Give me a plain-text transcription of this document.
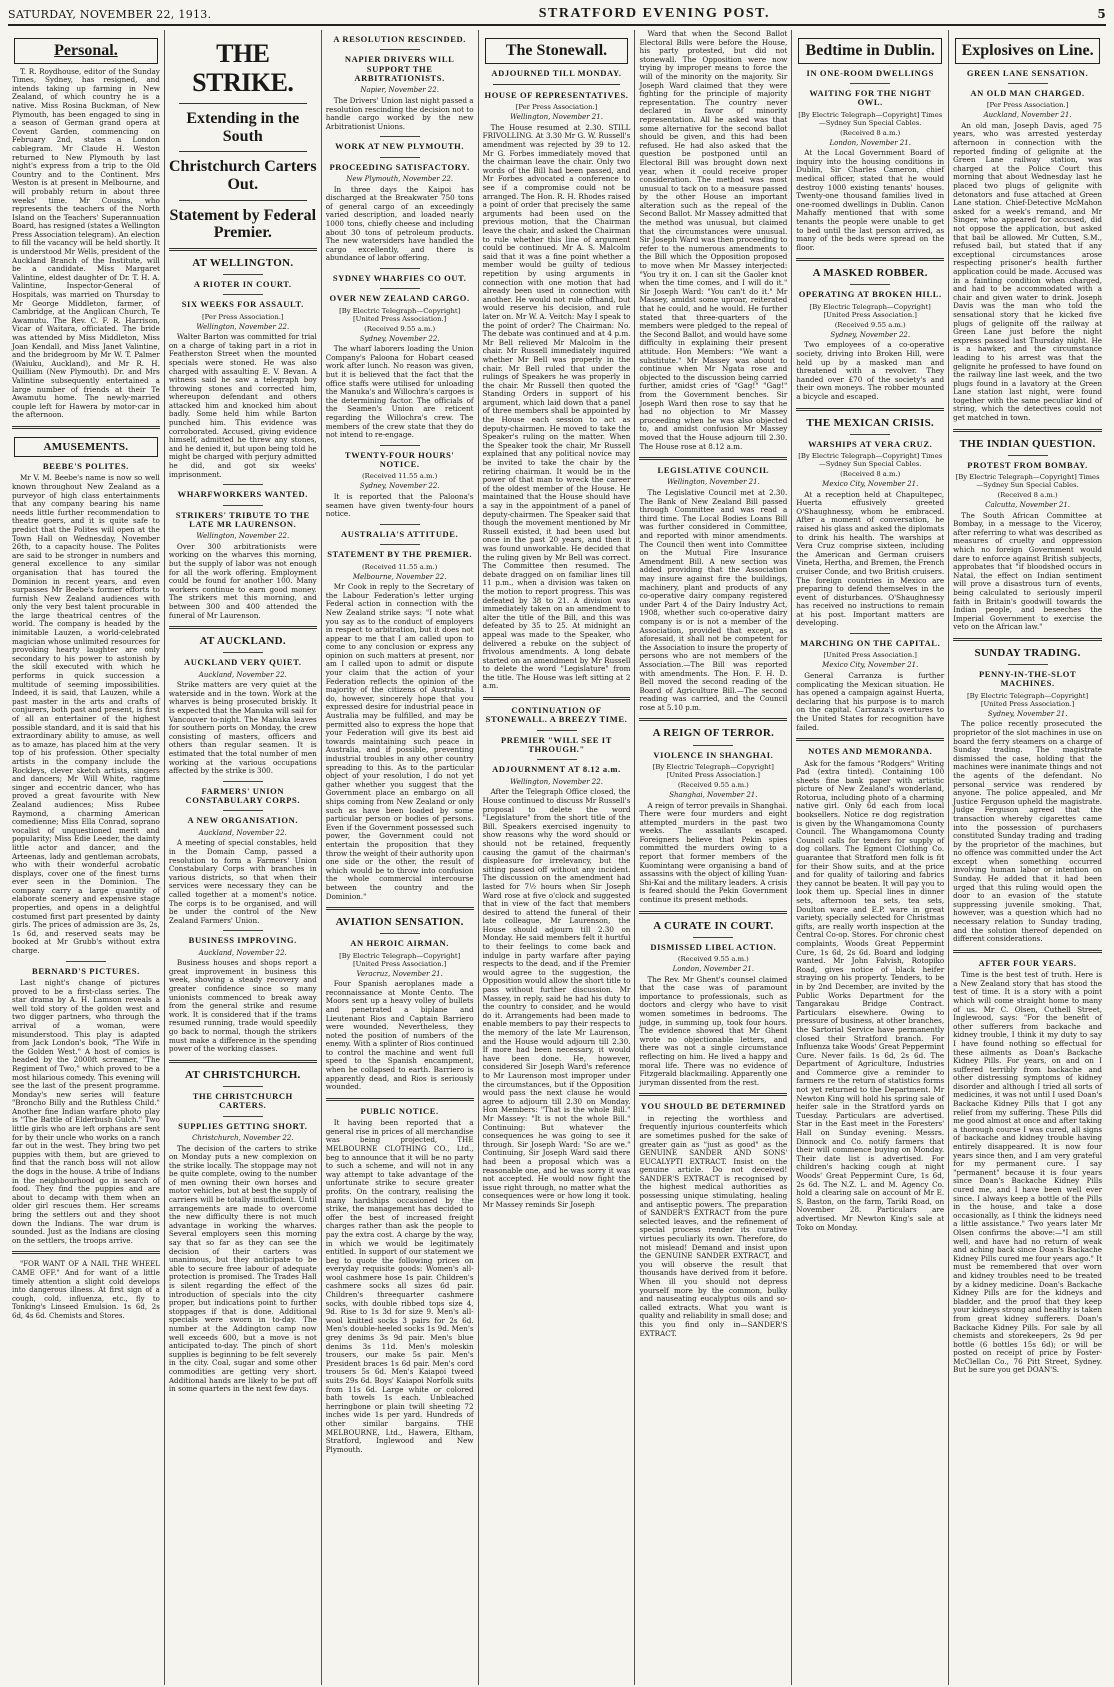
SATURDAY, NOVEMBER 22, 1913.	STRATFORD EVENING POST.	5
Personal.
T. R. Roydhouse, editor of the Sunday Times, Sydney, has resigned, and intends taking up farming in New Zealand, of which country he is a native. Miss Rosina Buckman, of New Plymouth, has been engaged to sing in a season of German grand opera at Covent Garden, commencing on February 2nd, states a London cablegram. Mr Claude H. Weston returned to New Plymouth by last night's express from a trip to the Old Country and to the Continent. Mrs Weston is at present in Melbourne, and will probably return in about three weeks' time. Mr Cousins, who represents the teachers of the North Island on the Teachers' Superannuation Board, has resigned (states a Wellington Press Association telegram). An election to fill the vacancy will be held shortly. It is understood Mr Wells, president of the Auckland Branch of the Institute, will be a candidate. Miss Margaret Valintine, eldest daughter of Dr. T. H. A. Valintine, Inspector-General of Hospitals, was married on Thursday to Mr George Middleton, farmer, of Cambridge, at the Anglican Church, Te Awamutu. The Rev. C. F. R. Harrison, Vicar of Waitara, officiated. The bride was attended by Miss Middleton, Miss Joan Kendall, and Miss Janet Valintine, and the bridegroom by Mr W. T. Palmer (Waiuku, Auckland), and Mr R. H. Quilliam (New Plymouth). Dr. and Mrs Valintine subsequently entertained a large number of friends at their Te Awamutu home. The newly-married couple left for Hawera by motor-car in the afternoon.
AMUSEMENTS.
BEEBE'S POLITES.
Mr V. M. Beebe's name is now so well known throughout New Zealand as a purveyor of high class entertainments that any company bearing his name needs little further recommendation to theatre goers, and it is quite safe to predict that the Polites will open at the Town Hall on Wednesday, November 26th, to a capacity house. The Polites are said to be stronger in numbers and general excellence to any similar organisation that has toured the Dominion in recent years, and even surpasses Mr Beebe's former efforts to furnish New Zealand audiences with only the very best talent procurable in the large theatrical centres of the world. The company is headed by the inimitable Lauzen, a world-celebrated magician whose unlimited resources for provoking hearty laughter are only secondary to his power to astonish by the skill executed with which he performs in quick succession a multitude of seeming impossibilities. Indeed, it is said, that Lauzen, while a past master in the arts and crafts of conjurers, both past and present, is first of all an entertainer of the highest possible standard, and it is said that his extraordinary ability to amuse, as well as to amaze, has placed him at the very top of his profession. Other specialty artists in the company include the Rockleys, clever sketch artists, singers and dancers; Mr Will White, ragtime singer and eccentric dancer, who has proved a great favourite with New Zealand audiences; Miss Rubee Raymond, a charming American comedienne; Miss Ella Conrad, soprano vocalist of unquestioned merit and popularity; Miss Edie Leeder, the dainty little actor and dancer, and the Arteenas, lady and gentleman acrobats, who with their wonderful acrobatic displays, cover one of the finest turns ever seen in the Dominion. The company carry a large quantity of elaborate scenery and expensive stage properties, and opens in a delightful costumed first part presented by dainty girls. The prices of admission are 3s, 2s, 1s 6d, and reserved seats may be booked at Mr Grubb's without extra charge.
BERNARD'S PICTURES.
Last night's change of pictures proved to be a first-class series. The star drama by A. H. Lamson reveals a well told story of the golden west and two digger partners, who through the arrival of a woman, were misunderstood. This play is adapted from Jack London's book, "The Wife in the Golden West." A host of comics is headed by the 2000ft screamer, "The Regiment of Two," which proved to be a most hilarious comedy. This evening will see the last of the present programme. Monday's new series will feature "Broncho Billy and the Ruthless Child." Another fine Indian warfare photo play is "The Battle of Elderbush Gulch." Two little girls who are left orphans are sent for by their uncle who works on a ranch far out in the west. They bring two pet puppies with them, but are grieved to find that the ranch boss will not allow the dogs in the house. A tribe of Indians in the neighbourhood go in search of food. They find the puppies and are about to decamp with them when an older girl rescues them. Her screams bring the settlers out and they shoot down the Indians. The war drum is sounded. Just as the Indians are closing on the settlers, the troops arrive.
"FOR WANT OF A NAIL THE WHEEL CAME OFF." And for want of a little timely attention a slight cold develops into dangerous illness. At first sign of a cough, cold, influenza, etc., fly to Tonking's Linseed Emulsion. 1s 6d, 2s 6d, 4s 6d. Chemists and Stores.
THE STRIKE.
Extending in the South
Christchurch Carters Out.
Statement by Federal Premier.
AT WELLINGTON.
A RIOTER IN COURT.
SIX WEEKS FOR ASSAULT.
[Per Press Association.]
Wellington, November 22.
Walter Barton was committed for trial on a charge of taking part in a riot in Featherston Street when the mounted specials were stoned. He was also charged with assaulting E. V. Bevan. A witness said he saw a telegraph boy throwing stones and corrected him, whereupon defendant and others attacked him and knocked him about badly. Some held him while Barton punched him. This evidence was corroborated. Accused, giving evidence himself, admitted he threw any stones, and he denied it, but upon being told he might be charged with perjury admitted he did, and got six weeks' imprisonment.
WHARFWORKERS WANTED.
STRIKERS' TRIBUTE TO THE LATE MR LAURENSON.
Wellington, November 22.
Over 300 arbitrationists were working on the wharves this morning, but the supply of labor was not enough for all the work offering. Employment could be found for another 100. Many workers continue to earn good money. The strikers met this morning, and between 300 and 400 attended the funeral of Mr Laurenson.
AT AUCKLAND.
AUCKLAND VERY QUIET.
Auckland, November 22.
Strike matters are very quiet at the waterside and in the town. Work at the wharves is being prosecuted briskly. It is expected that the Manuka will sail for Vancouver to-night. The Manuka leaves for southern ports on Monday, the crew consisting of masters, officers and others than regular seamen. It is estimated that the total number of men working at the various occupations affected by the strike is 300.
FARMERS' UNION CONSTABULARY CORPS.
A NEW ORGANISATION.
Auckland, November 22.
A meeting of special constables, held in the Domain Camp, passed a resolution to form a Farmers' Union Constabulary Corps with branches in various districts, so that when their services were necessary they can be called together at a moment's notice. The corps is to be organised, and will be under the control of the New Zealand Farmers' Union.
BUSINESS IMPROVING.
Auckland, November 22.
Business houses and shops report a great improvement in business this week, showing a steady recovery and greater confidence since so many unionists commenced to break away from the general strike and resume work. It is considered that if the trams resumed running, trade would speedily go back to normal, though the strikers must make a difference in the spending power of the working classes.
AT CHRISTCHURCH.
THE CHRISTCHURCH CARTERS.
SUPPLIES GETTING SHORT.
Christchurch, November 22.
The decision of the carters to strike on Monday puts a new complexion on the strike locally. The stoppage may not be quite complete, owing to the number of men owning their own horses and motor vehicles, but at best the supply of carriers will be totally insufficient. Until arrangements are made to overcome the new difficulty there is not much advantage in working the wharves. Several employers seen this morning say that so far as they can see the decision of their carters was unanimous, but they anticipate to be able to secure free labour of adequate protection is promised. The Trades Hall is silent regarding the effect of the introduction of specials into the city proper, but indications point to further stoppages if that is done. Additional specials were sworn in to-day. The number at the Addington camp now well exceeds 600, but a move is not anticipated to-day. The pinch of short supplies is beginning to be felt severely in the city. Coal, sugar and some other commodities are getting very short. Additional hands are likely to be put off in some quarters in the next few days.
A RESOLUTION RESCINDED.
NAPIER DRIVERS WILL SUPPORT THE ARBITRATIONISTS.
Napier, November 22.
The Drivers' Union last night passed a resolution rescinding the decision not to handle cargo worked by the new Arbitrationist Unions.
WORK AT NEW PLYMOUTH.
PROCEEDING SATISFACTORY.
New Plymouth, November 22.
In three days the Kaipoi has discharged at the Breakwater 750 tons of general cargo of an exceedingly varied description, and loaded nearly 1000 tons, chiefly cheese and including about 30 tons of petroleum products. The new watersiders have handled the cargo excellently, and there is abundance of labor offering.
SYDNEY WHARFIES CO OUT.
OVER NEW ZEALAND CARGO.
[By Electric Telegraph—Copyright] [United Press Association.]
(Received 9.55 a.m.)
Sydney, November 22.
The wharf laborers loading the Union Company's Paloona for Hobart ceased work after lunch. No reason was given, but it is believed that the fact that the office staffs were utilised for unloading the Manuka's and Willochra's cargoes is the determining factor. The officials of the Seamen's Union are reticent regarding the Willochra's crew. The members of the crew state that they do not intend to re-engage.
TWENTY-FOUR HOURS' NOTICE.
(Received 11.55 a.m.)
Sydney, November 22.
It is reported that the Paloona's seamen have given twenty-four hours notice.
AUSTRALIA'S ATTITUDE.
STATEMENT BY THE PREMIER.
(Received 11.55 a.m.)
Melbourne, November 22.
Mr Cook in reply to the Secretary of the Labour Federation's letter urging Federal action in connection with the New Zealand strike says: "I note what you say as to the conduct of employers in respect to arbitration, but it does not appear to me that I am called upon to come to any conclusion or express any opinion on such matters at present, nor am I called upon to admit or dispute your claim that the action of your Federation reflects the opinion of the majority of the citizens of Australia. I do, however, sincerely hope that you expressed desire for industrial peace in Australia may be fulfilled, and may be permitted also to express the hope that your Federation will give its best aid towards maintaining such peace in Australia, and if possible, preventing industrial troubles in any other country spreading to this. As to the particular object of your resolution, I do not yet gather whether you suggest that the Government place an embargo on all ships coming from New Zealand or only such as have been loaded by some particular person or bodies of persons. Even if the Government possessed such power, the Government could not entertain the proposition that they throw the weight of their authority upon one side or the other, the result of which would be to throw into confusion the whole commercial intercourse between the country and the Dominion."
AVIATION SENSATION.
AN HEROIC AIRMAN.
[By Electric Telegraph—Copyright] [United Press Association.]
Veracruz, November 21.
Four Spanish aeroplanes made a reconnaissance at Monte Cento. The Moors sent up a heavy volley of bullets and penetrated a biplane and Lieutenant Rios and Captain Barriero were wounded. Nevertheless, they noted the position of numbers of the enemy. With a splinter of Rios continued to control the machine and went full speed to the Spanish encampment, when he collapsed to earth. Barriero is apparently dead, and Rios is seriously wounded.
PUBLIC NOTICE.
It having been reported that a general rise in prices of all merchandise was being projected, THE MELBOURNE CLOTHING CO., Ltd., beg to announce that it will be no party to such a scheme, and will not in any way attempt to take advantage of the unfortunate strike to secure greater profits. On the contrary, realising the many hardships occasioned by the strike, the management has decided to offer the best of increased freight charges rather than ask the people to pay the extra cost. A charge by the way, in which we would be legitimately entitled. In support of our statement we beg to quote the following prices on everyday requisite goods: Women's all-wool cashmere hose 1s pair. Children's cashmere socks all sizes 6d pair. Children's threequarter cashmere socks, with double ribbed tops size 4, 9d. Rise to 1s 3d for size 9. Men's all-wool knitted socks 3 pairs for 2s 6d. Men's double-heeled socks 1s 9d. Men's grey denims 3s 9d pair. Men's blue denims 3s 11d. Men's moleskin trousers, our make 5s pair. Men's President braces 1s 6d pair. Men's cord trousers 5s 6d. Men's Kaiapoi tweed suits 29s 6d. Boys' Kaiapoi Norfolk suits from 11s 6d. Large white or colored bath towels 1s each. Unbleached herringbone or plain twill sheeting 72 inches wide 1s per yard. Hundreds of other similar bargains. THE MELBOURNE, Ltd., Hawera, Eltham, Stratford, Inglewood and New Plymouth.
The Stonewall.
ADJOURNED TILL MONDAY.
HOUSE OF REPRESENTATIVES.
[Per Press Association.]
Wellington, November 21.
The House resumed at 2.30. STILL FRIVOLLING. At 3.30 Mr G. W. Russell's amendment was rejected by 39 to 12. Mr G. Forbes immediately moved that the chairman leave the chair. Only two words of the Bill had been passed, and Mr Forbes advocated a conference to see if a compromise could not be arranged. The Hon. R. H. Rhodes raised a point of order that precisely the same arguments had been used on the previous motion, that the Chairman leave the chair, and asked the Chairman to rule whether this line of argument could be continued. Mr A. S. Malcolm said that it was a fine point whether a member would be guilty of tedious repetition by using arguments in connection with one motion that had already been used in connection with another. He would not rule offhand, but would reserve his decision, and rule later on. Mr W. A. Veitch: May I speak to the point of order? The Chairman: No. The debate was continued and at 4 p.m. Mr Bell relieved Mr Malcolm in the chair. Mr Russell immediately inquired whether Mr Bell was properly in the chair. Mr Bell ruled that under the rulings of Speakers he was properly in the chair. Mr Russell then quoted the Standing Orders in support of his argument, which laid down that a panel of three members shall be appointed by the House each session to act as deputy-chairmen. He moved to take the Speaker's ruling on the matter. When the Speaker took the chair, Mr Russell explained that any political novice may be invited to take the chair by the retiring chairman. It would be in the power of that man to wreck the career of the oldest member of the House. He maintained that the House should have a say in the appointment of a panel of deputy-chairmen. The Speaker said that though the movement mentioned by Mr Russell existed, it had been used but once in the past 20 years, and then it was found unworkable. He decided that the ruling given by Mr Bell was correct. The Committee then resumed. The debate dragged on on familiar lines till 11 p.m., when a division was taken on the motion to report progress. This was defeated by 38 to 21. A division was immediately taken on an amendment to alter the title of the Bill, and this was defeated by 35 to 25. At midnight an appeal was made to the Speaker, who delivered a rebuke on the subject of frivolous amendments. A long debate started on an amendment by Mr Russell to delete the word "Legislature" from the title. The House was left sitting at 2 a.m.
CONTINUATION OF STONEWALL. A BREEZY TIME.
PREMIER "WILL SEE IT THROUGH."
ADJOURNMENT AT 8.12 a.m.
Wellington, November 22.
After the Telegraph Office closed, the House continued to discuss Mr Russell's proposal to delete the word "Legislature" from the short title of the Bill. Speakers exercised ingenuity to show reasons why the word should or should not be retained, frequently causing the gamut of the chairman's displeasure for irrelevancy, but the sitting passed off without any incident. The discussion on the amendment had lasted for 7½ hours when Sir Joseph Ward rose at five o'clock and suggested that in view of the fact that members desired to attend the funeral of their late colleague, Mr Laurenson, the House should adjourn till 2.30 on Monday. He said members felt it hurtful to their feelings to come back and indulge in party warfare after paying respects to the dead, and if the Premier would agree to the suggestion, the Opposition would allow the short title to pass without further discussion. Mr Massey, in reply, said he had his duty to the country to consider, and he would do it. Arrangements had been made to enable members to pay their respects to the memory of the late Mr Laurenson, and the House would adjourn till 2.30. If more had been necessary, it would have been done. He, however, considered Sir Joseph Ward's reference to Mr Laurenson most improper under the circumstances, but if the Opposition would pass the next clause he would agree to adjourn till 2.30 on Monday. Hon Members: "That is the whole Bill." Mr Massey: "It is not the whole Bill." Continuing: But whatever the consequences he was going to see it through. Sir Joseph Ward: "So are we." Continuing, Sir Joseph Ward said there had been a proposal which was a reasonable one, and he was sorry it was not accepted. He would now fight the issue right through, no matter what the consequences were or how long it took. Mr Massey reminds Sir Joseph
Ward that when the Second Ballot Electoral Bills were before the House, his party protested, but did not stonewall. The Opposition were now trying by improper means to force the will of the minority on the majority. Sir Joseph Ward claimed that they were fighting for the principle of majority representation. The country never declared in favor of minority representation. All he asked was that some alternative for the second ballot should be given, and this had been refused. He had also asked that the question be postponed until an Electoral Bill was brought down next year, when it could receive proper consideration. The method was most unusual to tack on to a measure passed by the other House an important alteration such as the repeal of the Second Ballot. Mr Massey admitted that the method was unusual, but claimed that the circumstances were unusual. Sir Joseph Ward was then proceeding to refer to the numerous amendments to the Bill which the Opposition proposed to move when Mr Massey interjected: "You try it on. I can sit the Gaoler knot when the time comes, and I will do it." Sir Joseph Ward: "You can't do it." Mr Massey, amidst some uproar, reiterated that he could, and he would. He further stated that three-quarters of the members were pledged to the repeal of the Second Ballot, and would have some difficulty in explaining their present attitude. Hon Members: "We want a substitute." Mr Massey was about to continue when Mr Ngata rose and objected to the discussion being carried further, amidst cries of "Gag!" "Gag!" from the Government benches. Sir Joseph Ward then rose to say that he had no objection to Mr Massey proceeding when he was also objected to, and amidst confusion Mr Massey moved that the House adjourn till 2.30. The House rose at 8.12 a.m.
LEGISLATIVE COUNCIL
Wellington, November 21.
The Legislative Council met at 2.30. The Bank of New Zealand Bill passed through Committee and was read a third time. The Local Bodies Loans Bill was further considered in Committee, and reported with minor amendments. The Council then went into Committee on the Mutual Fire Insurance Amendment Bill. A new section was added providing that the Association may insure against fire the buildings, machinery, plant and products of any co-operative dairy company registered under Part 4 of the Dairy Industry Act, 1908, whether such co-operative dairy company is or is not a member of the Association, provided that except, as aforesaid, it shall not be competent for the Association to insure the property of persons who are not members of the Association.—The Bill was reported with amendments. The Hon. F. H. D. Bell moved the second reading of the Board of Agriculture Bill.—The second reading was carried, and the Council rose at 5.10 p.m.
A REIGN OF TERROR.
VIOLENCE IN SHANGHAI.
[By Electric Telegraph—Copyright] [United Press Association.]
(Received 9.55 a.m.)
Shanghai, November 21.
A reign of terror prevails in Shanghai. There were four murders and eight attempted murders in the past two weeks. The assailants escaped. Foreigners believe that Pekin spies committed the murders owing to a report that former members of the Kuomintang were organising a band of assassins with the object of killing Yuan-Shi-Kai and the military leaders. A crisis is feared should the Pekin Government continue its present methods.
A CURATE IN COURT.
DISMISSED LIBEL ACTION.
(Received 9.55 a.m.)
London, November 21.
The Rev. Mr Ghent's counsel claimed that the case was of paramount importance to professionals, such as doctors and clergy who have to visit women sometimes in bedrooms. The judge, in summing up, took four hours. The evidence showed that Mr Ghent wrote no objectionable letters, and there was not a single circumstance reflecting on him. He lived a happy and moral life. There was no evidence of Fitzgerald blackmailing. Apparently one juryman dissented from the rest.
YOU SHOULD BE DETERMINED
in rejecting the worthless and frequently injurious counterfeits which are sometimes pushed for the sake of greater gain as "just as good" as the GENUINE SANDER AND SONS' EUCALYPTI EXTRACT. Insist on the genuine article. Do not deceived! SANDER'S EXTRACT is recognised by the highest medical authorities as possessing unique stimulating, healing and antiseptic powers. The preparation of SANDER'S EXTRACT from the pure selected leaves, and the refinement of special process render its curative virtues peculiarly its own. Therefore, do not mislead! Demand and insist upon the GENUINE SANDER EXTRACT, and you will observe the result that thousands have derived from it before. When ill you should not depress yourself more by the common, bulky and nauseating eucalyptus oils and so-called extracts. What you want is quality and reliability in small dose; and this you find only in—SANDER'S EXTRACT.
Bedtime in Dublin.
IN ONE-ROOM DWELLINGS
WAITING FOR THE NIGHT OWL.
[By Electric Telegraph—Copyright] Times—Sydney Sun Special Cables.
(Received 8 a.m.)
London, November 21.
At the Local Government Board of inquiry into the housing conditions in Dublin, Sir Charles Cameron, chief medical officer, stated that he would destroy 1000 existing tenants' houses. Twenty-one thousand families lived in one-roomed dwellings in Dublin. Canon Mahaffy mentioned that with some tenants the people were unable to get to bed until the last person arrived, as many of the beds were spread on the floor.
A MASKED ROBBER.
OPERATING AT BROKEN HILL.
[By Electric Telegraph—Copyright] [United Press Association.]
(Received 9.55 a.m.)
Sydney, November 22.
Two employees of a co-operative society, driving into Broken Hill, were held up by a masked man and threatened with a revolver. They handed over £70 of the society's and their own moneys. The robber mounted a bicycle and escaped.
THE MEXICAN CRISIS.
WARSHIPS AT VERA CRUZ.
[By Electric Telegraph—Copyright] Times—Sydney Sun Special Cables.
(Received 8 a.m.)
Mexico City, November 21.
At a reception held at Chapultepec, Huerta effusively greeted O'Shaughnessy, whom he embraced. After a moment of conversation, he raised his glass and asked the diplomats to drink his health. The warships at Vera Cruz comprise sixteen, including the American and German cruisers Vineta, Hertha, and Bremen, the French cruiser Conde, and two British cruisers. The foreign countries in Mexico are preparing to defend themselves in the event of disturbances. O'Shaughnessy has received no instructions to remain at his post. Important matters are developing.
MARCHING ON THE CAPITAL.
[United Press Association.]
Mexico City, November 21.
General Carranza is further complicating the Mexican situation. He has opened a campaign against Huerta, declaring that his purpose is to march on the capital. Carranza's overtures to the United States for recognition have failed.
NOTES AND MEMORANDA.
Ask for the famous "Rodgers" Writing Pad (extra tinted). Containing 100 sheets fine bank paper with artistic picture of New Zealand's wonderland, Rotorua, including photo of a charming native girl. Only 6d each from local booksellers. Notice re dog registration is given by the Whangamomona County Council. The Whangamomona County Council calls for tenders for supply of dog collars. The Egmont Clothing Co. guarantee that Stratford men folk is fit for their Show suits, and at the price and for quality of tailoring and fabrics they cannot be beaten. It will pay you to look them up. Special lines in dinner sets, afternoon tea sets, tea sets, Doulton ware and E.P. ware in great variety, specially selected for Christmas gifts, are really worth inspection at the Central Co-op. Stores. For chronic chest complaints, Woods Great Peppermint Cure, 1s 6d, 2s 6d. Board and lodging wanted. Mr John Falvish, Rotopiko Road, gives notice of black heifer straying on his property. Tenders, to be in by 2nd December, are invited by the Public Works Department for the Tangarakau Bridge Contract. Particulars elsewhere. Owing to pressure of business, at other branches, the Sartorial Service have permanently closed their Stratford branch. For Influenza take Woods' Great Peppermint Cure. Never fails. 1s 6d, 2s 6d. The Department of Agriculture, Industries and Commerce give a reminder to farmers re the return of statistics forms not yet returned to the Department. Mr Newton King will hold his spring sale of heifer sale in the Stratford yards on Tuesday. Particulars are advertised. Star in the East meet in the Foresters' Hall on Sunday evening. Messrs. Dinnock and Co. notify farmers that their will commence buying on Monday. Their date list is advertised. For children's hacking cough at night Woods' Great Peppermint Cure, 1s 6d, 2s 6d. The N.Z. L. and M. Agency Co. hold a clearing sale on account of Mr E. S. Baston, on the farm, Tariki Road, on November 28. Particulars are advertised. Mr Newton King's sale at Toko on Monday.
Explosives on Line.
GREEN LANE SENSATION.
AN OLD MAN CHARGED.
[Per Press Association.]
Auckland, November 21.
An old man, Joseph Davis, aged 75 years, who was arrested yesterday afternoon in connection with the reported finding of gelignite at the Green Lane railway station, was charged at the Police Court this morning that about Wednesday last he placed two plugs of gelignite with detonators and fuse attached at Green Lane station. Chief-Detective McMahon asked for a week's remand, and Mr Singer, who appeared for accused, did not oppose the application, but asked that bail be allowed. Mr Cutten, S.M., refused bail, but stated that if any exceptional circumstances arose respecting prisoner's health further application could be made. Accused was in a fainting condition when charged, and had to be accommodated with a chair and given water to drink. Joseph Davis was the man who told the sensational story that he kicked five plugs of gelignite off the railway at Green Lane just before the night express passed last Thursday night. He is a hawker, and the circumstance leading to his arrest was that the gelignite he professed to have found on the railway line last week, and the two plugs found in a lavatory at the Green Lane station last night, were found together with the same peculiar kind of string, which the detectives could not get matched in town.
THE INDIAN QUESTION.
PROTEST FROM BOMBAY.
[By Electric Telegraph—Copyright] Times—Sydney Sun Special Cables.
(Received 8 a.m.)
Calcutta, November 21.
The South African Committee at Bombay, in a message to the Viceroy, after referring to what was described as measures of cruelty and oppression which no foreign Government would dare to enforce against British subjects, approbates that "if bloodshed occurs in Natal, the effect on Indian sentiment will prove a disastrous turn of events, being calculated to seriously imperil faith in Britain's goodwill towards the Indian people, and beseeches the Imperial Government to exercise the veto on the African law."
SUNDAY TRADING.
PENNY-IN-THE-SLOT MACHINES.
[By Electric Telegraph—Copyright] [United Press Association.]
Sydney, November 21.
The police recently prosecuted the proprietor of the slot machines in use on board the ferry steamers on a charge of Sunday trading. The magistrate dismissed the case, holding that the machines were inanimate things and not the agents of the defendant. No personal service was rendered by anyone. The police appealed, and Mr Justice Ferguson upheld the magistrate. Judge Ferguson agreed that the transaction whereby cigarettes came into the possession of purchasers constituted Sunday trading and trading by the proprietor of the machines, but no offence was committed under the Act except when something occurred involving human labor or intention on Sunday. He added that it had been urged that this ruling would open the door to an evasion of the statute suppressing juvenile smoking. That, however, was a question which had no necessary relation to Sunday trading, and the solution thereof depended on different considerations.
AFTER FOUR YEARS.
Time is the best test of truth. Here is a New Zealand story that has stood the test of time. It is a story with a point which will come straight home to many of us. Mr C. Olsen, Cuthell Street, Inglewood, says: "For the benefit of other sufferers from backache and kidney trouble, I think it my duty to say I have found nothing so effectual for these ailments as Doan's Backache Kidney Pills. For years, on and on I suffered terribly from backache and other distressing symptoms of kidney disorder and although I tried all sorts of medicines, it was not until I used Doan's Backache Kidney Pills that I got any relief from my suffering. These Pills did me good almost at once and after taking a thorough course I was cured, all signs of backache and kidney trouble having entirely disappeared. It is now four years since then, and I am very grateful for my permanent cure. I say "permanent" because it is four years since Doan's Backache Kidney Pills cured me, and I have been well ever since. I always keep a bottle of the Pills in the house, and take a dose occasionally, as I think the kidneys need a little assistance." Two years later Mr Olsen confirms the above:—"I am still well, and have had no return of weak and aching back since Doan's Backache Kidney Pills cured me four years ago." It must be remembered that over worn and kidney troubles need to be treated by a kidney medicine. Doan's Backache Kidney Pills are for the kidneys and bladder, and the proof that they keep your kidneys strong and healthy is taken from great kidney sufferers. Doan's Backache Kidney Pills. For sale by all chemists and storekeepers, 2s 9d per bottle (6 bottles 15s 6d); or will be posted on receipt of price by Foster-McClellan Co., 76 Pitt Street, Sydney. But be sure you get DOAN'S.
